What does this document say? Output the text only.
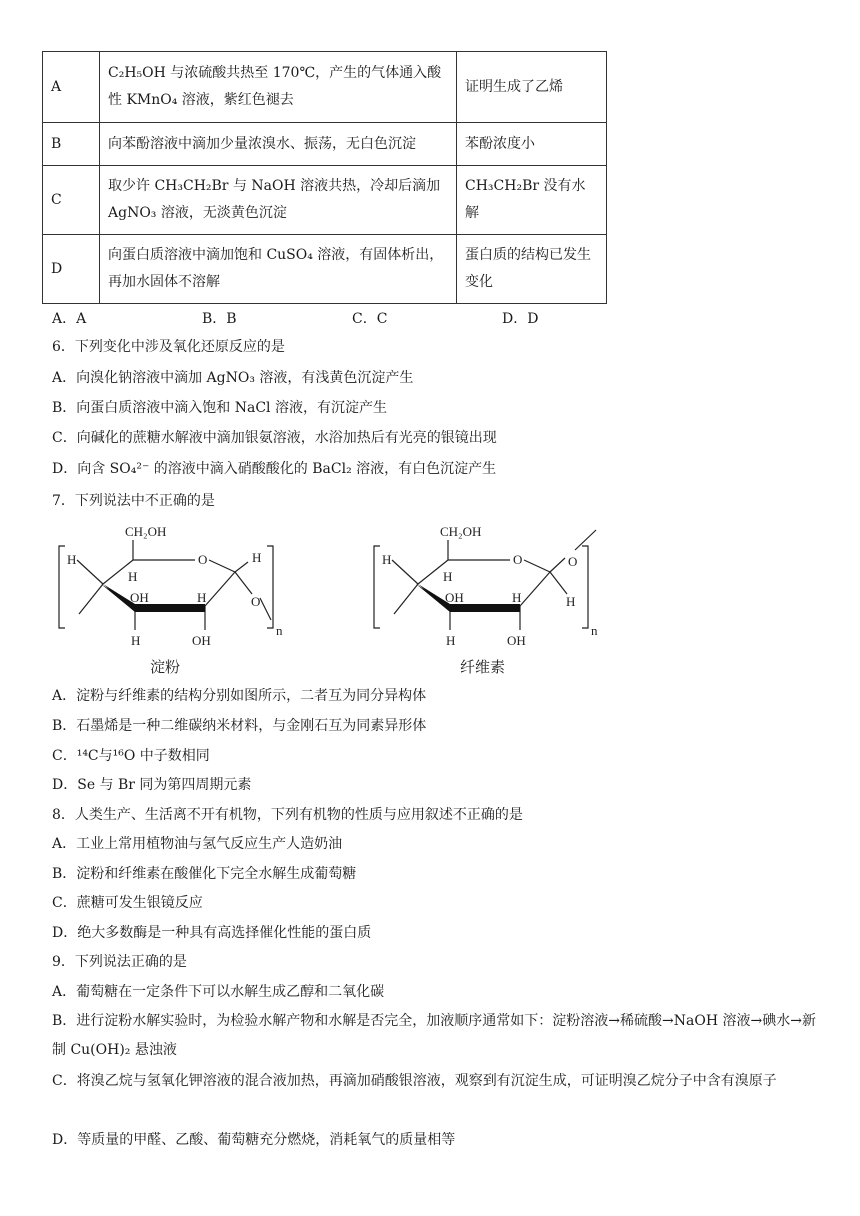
A	C₂H₅OH 与浓硫酸共热至 170℃，产生的气体通入酸性 KMnO₄ 溶液，紫红色褪去	证明生成了乙烯
B	向苯酚溶液中滴加少量浓溴水、振荡，无白色沉淀	苯酚浓度小
C	取少许 CH₃CH₂Br 与 NaOH 溶液共热，冷却后滴加 AgNO₃ 溶液，无淡黄色沉淀	CH₃CH₂Br 没有水解
D	向蛋白质溶液中滴加饱和 CuSO₄ 溶液，有固体析出，再加水固体不溶解	蛋白质的结构已发生变化
A．A	B．B	C．C	D．D
6．下列变化中涉及氧化还原反应的是
A．向溴化钠溶液中滴加 AgNO₃ 溶液，有浅黄色沉淀产生
B．向蛋白质溶液中滴入饱和 NaCl 溶液，有沉淀产生
C．向碱化的蔗糖水解液中滴加银氨溶液，水浴加热后有光亮的银镜出现
D．向含 SO₄²⁻ 的溶液中滴入硝酸酸化的 BaCl₂ 溶液，有白色沉淀产生
7．下列说法中不正确的是
CH₂OH
O	H
H
H
OH	H	O
H	OH
n
淀粉
CH₂OH
O	O
H
H
OH	H	H
H	OH
n
纤维素
A．淀粉与纤维素的结构分别如图所示，二者互为同分异构体
B．石墨烯是一种二维碳纳米材料，与金刚石互为同素异形体
C．¹⁴C与¹⁶O 中子数相同
D．Se 与 Br 同为第四周期元素
8．人类生产、生活离不开有机物，下列有机物的性质与应用叙述不正确的是
A．工业上常用植物油与氢气反应生产人造奶油
B．淀粉和纤维素在酸催化下完全水解生成葡萄糖
C．蔗糖可发生银镜反应
D．绝大多数酶是一种具有高选择催化性能的蛋白质
9．下列说法正确的是
A．葡萄糖在一定条件下可以水解生成乙醇和二氧化碳
B．进行淀粉水解实验时，为检验水解产物和水解是否完全，加液顺序通常如下：淀粉溶液→稀硫酸→NaOH 溶液→碘水→新制 Cu(OH)₂ 悬浊液
C．将溴乙烷与氢氧化钾溶液的混合液加热，再滴加硝酸银溶液，观察到有沉淀生成，可证明溴乙烷分子中含有溴原子
D．等质量的甲醛、乙酸、葡萄糖充分燃烧，消耗氧气的质量相等
